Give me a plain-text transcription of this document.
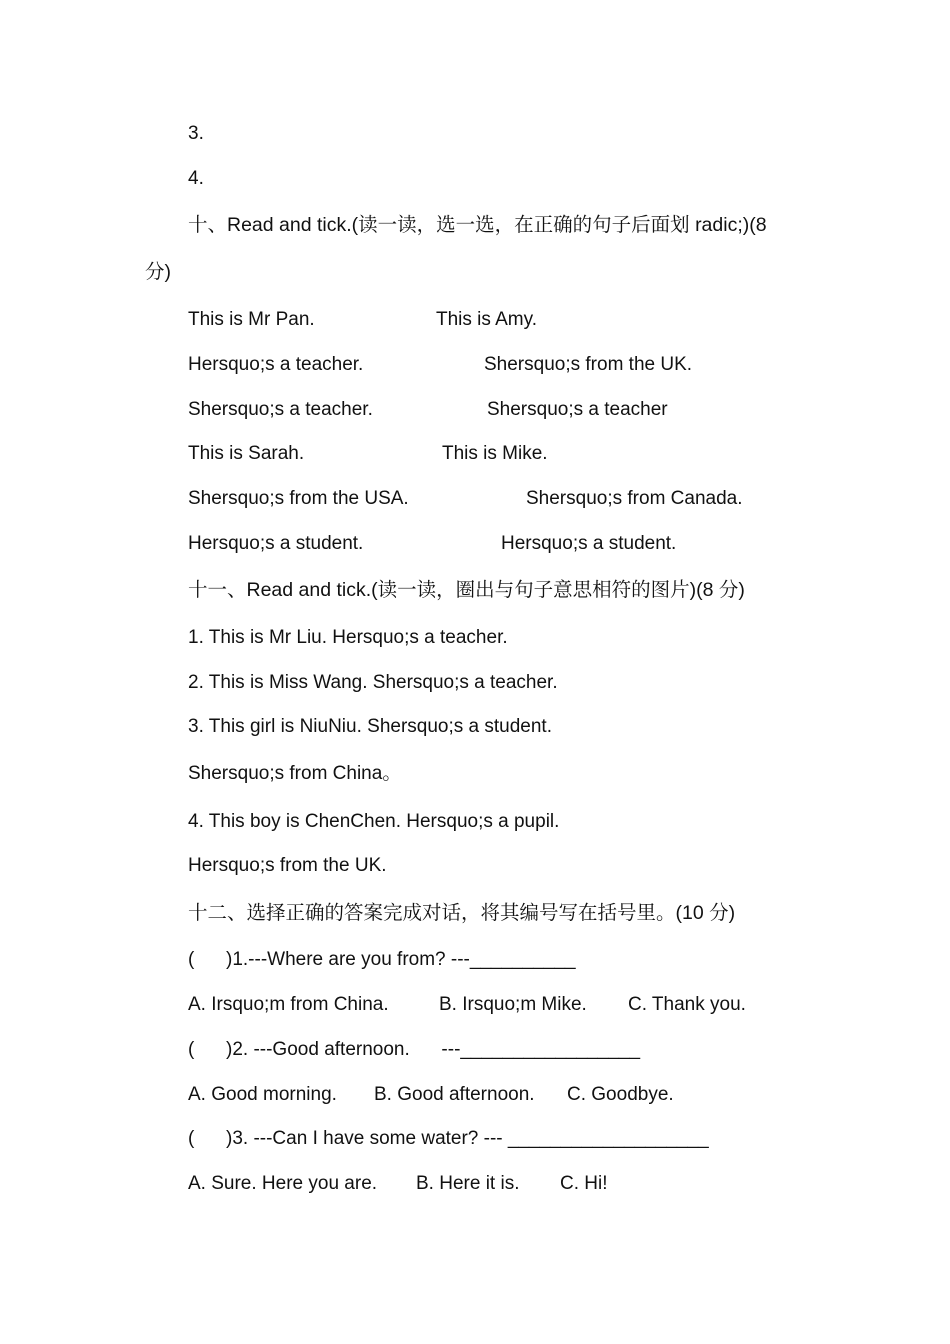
3.
4.
十、Read and tick.(读一读，选一选，在正确的句子后面划 radic;)(8
分)
This is Mr Pan.	This is Amy.
Hersquo;s a teacher.	Shersquo;s from the UK.
Shersquo;s a teacher.	Shersquo;s a teacher
This is Sarah.	This is Mike.
Shersquo;s from the USA.	Shersquo;s from Canada.
Hersquo;s a student.	Hersquo;s a student.
十一、Read and tick.(读一读，圈出与句子意思相符的图片)(8 分)
1. This is Mr Liu. Hersquo;s a teacher.
2. This is Miss Wang. Shersquo;s a teacher.
3. This girl is NiuNiu. Shersquo;s a student.
Shersquo;s from China。
4. This boy is ChenChen. Hersquo;s a pupil.
Hersquo;s from the UK.
十二、选择正确的答案完成对话，将其编号写在括号里。(10 分)
(      )1.---Where are you from? ---__________
A. Irsquo;m from China.	B. Irsquo;m Mike. C. Thank you.
(      )2. ---Good afternoon.      ---_________________
A. Good morning. B. Good afternoon. C. Goodbye.
(      )3. ---Can I have some water? --- ___________________
A. Sure. Here you are. B. Here it is. C. Hi!
